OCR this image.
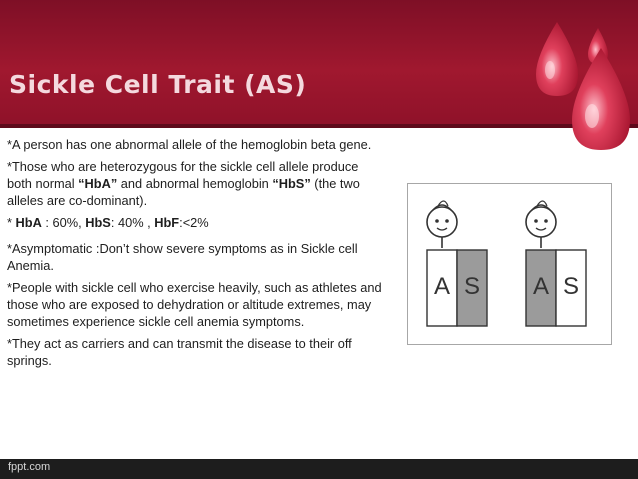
Sickle Cell Trait (AS)

*A person has one abnormal allele of the hemoglobin beta gene.

*Those who are heterozygous for the sickle cell allele produce both normal “HbA” and abnormal hemoglobin “HbS” (the two alleles are co-dominant).

* HbA : 60%, HbS: 40% , HbF:<2%

*Asymptomatic :Don’t show severe symptoms as in Sickle cell Anemia.

*People with sickle cell who exercise heavily, such as athletes and those who are exposed to dehydration or altitude extremes, may sometimes experience sickle cell anemia symptoms.

*They act as carriers and can transmit the disease to their off springs.

A S A S
fppt.com
